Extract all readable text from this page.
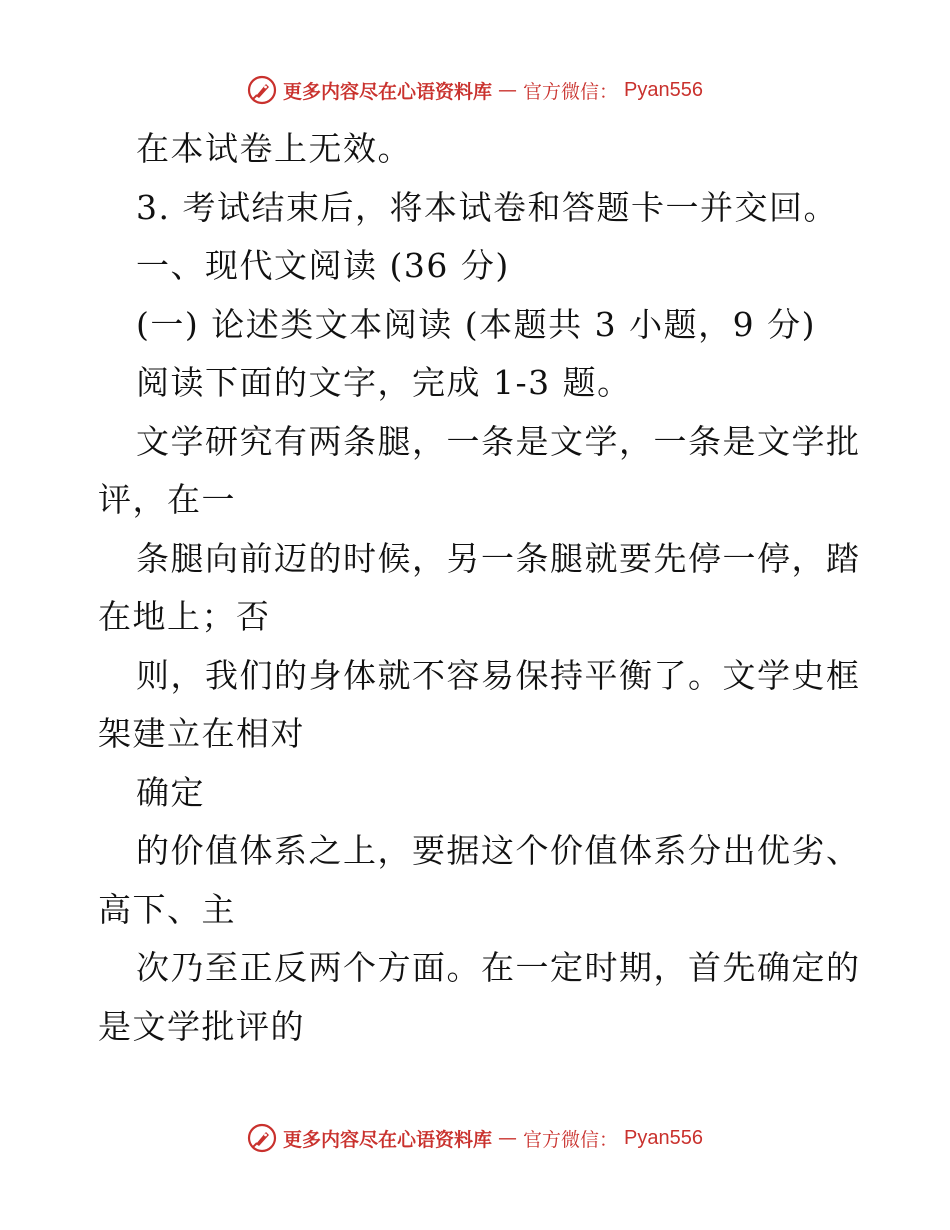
更多内容尽在心语资料库 — 官方微信： Pyan556
在本试卷上无效。
3. 考试结束后，将本试卷和答题卡一并交回。
一、现代文阅读 (36 分)
(一) 论述类文本阅读 (本题共 3 小题，9 分)
阅读下面的文字，完成 1-3 题。
文学研究有两条腿，一条是文学，一条是文学批
评，在一
条腿向前迈的时候，另一条腿就要先停一停，踏
在地上；否
则，我们的身体就不容易保持平衡了。文学史框
架建立在相对
确定
的价值体系之上，要据这个价值体系分出优劣、
高下、主
次乃至正反两个方面。在一定时期，首先确定的
是文学批评的
更多内容尽在心语资料库 — 官方微信： Pyan556
